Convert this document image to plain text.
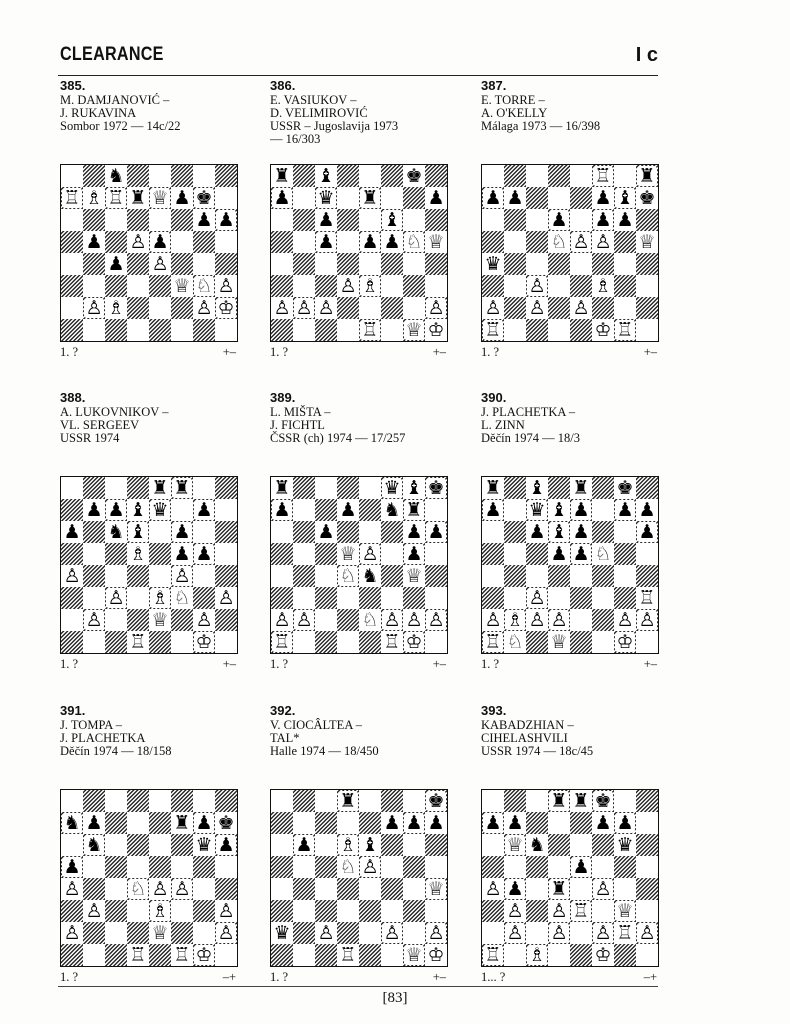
CLEARANCE	I c
385.
M. DAMJANOVIĆ –
J. RUKAVINA
Sombor 1972 — 14c/22
♞
♖ ♗ ♖ ♜ ♕ ♟ ♚
♟ ♟
♟ ♙ ♟
♟ ♙
♕ ♘ ♙
♙ ♗	♙ ♔
1. ?	+–
386.
E. VASIUKOV –
D. VELIMIROVIĆ
USSR – Jugoslavija 1973
— 16/303
♜ ♝	♚
♟ ♛ ♜	♟
♟	♝
♟ ♟ ♟ ♘ ♕
♙ ♗
♙ ♙ ♙	♙
♖ ♕ ♔
1. ?	+–
387.
E. TORRE –
A. O'KELLY
Málaga 1973 — 16/398
♖ ♜
♟ ♟	♟ ♝ ♚
♟ ♟ ♟
♘ ♙ ♙ ♕
♛
♙	♗
♙ ♙ ♙
♖	♔ ♖
1. ?	+–
388.
A. LUKOVNIKOV –
VL. SERGEEV
USSR 1974
♜ ♜
♟ ♟ ♝ ♛ ♟
♟ ♞ ♝ ♟
♗ ♟ ♟
♙	♙
♙ ♗ ♘ ♙
♙	♕ ♙
♖	♔
1. ?	+–
389.
L. MIŠTA –
J. FICHTL
ČSSR (ch) 1974 — 17/257
♜	♛ ♝ ♚
♟	♟ ♞ ♜
♟	♟ ♟
♕ ♙ ♟
♘ ♞ ♕
♙ ♙	♘ ♙ ♙ ♙
♖	♖ ♔
1. ?	+–
390.
J. PLACHETKA –
L. ZINN
Děčín 1974 — 18/3
♜ ♝ ♜ ♚
♟ ♛ ♝ ♟ ♟ ♟
♟ ♝ ♟	♟
♟ ♟ ♘
♙	♖
♙ ♗ ♙ ♙	♙ ♙
♖ ♘ ♕	♔
1. ?	+–
391.
J. TOMPA –
J. PLACHETKA
Děčín 1974 — 18/158
♞ ♟	♜ ♟ ♚
♞	♛ ♟
♟
♙	♘ ♙ ♙
♙	♗	♙
♙	♕	♙
♖ ♖ ♔
1. ?	–+
392.
V. CIOCÂLTEA –
TAL*
Halle 1974 — 18/450
♜	♚
♟ ♟ ♟
♟ ♗ ♝
♘ ♙
♕
♛ ♙	♙ ♙
♖	♕ ♔
1. ?	+–
393.
KABADZHIAN –
CIHELASHVILI
USSR 1974 — 18c/45
♜ ♜ ♚
♟ ♟	♟ ♟
♕ ♞	♛
♟
♙ ♟ ♜ ♙
♙ ♙ ♖ ♕
♙ ♙ ♙ ♖ ♙
♖ ♗	♔
1... ?	–+
[83]
